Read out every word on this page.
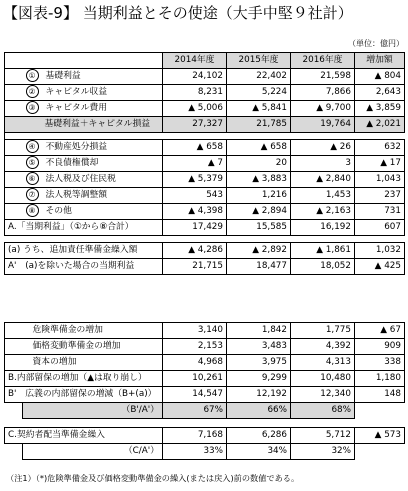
【図表-9】 当期利益とその使途（大手中堅９社計）
（単位：億円）
		2014年度	2015年度	2016年度	増加額
	① 基礎利益	24,102	22,402	21,598	▲ 804
	② キャピタル収益	8,231	5,224	7,866	2,643
	③ キャピタル費用	▲ 5,006	▲ 5,841	▲ 9,700	▲ 3,859
	基礎利益＋キャピタル損益	27,327	21,785	19,764	▲ 2,021

	④ 不動産処分損益	▲ 658	▲ 658	▲ 26	632
	⑤ 不良債権償却	▲ 7	20	3	▲ 17
	⑥ 法人税及び住民税	▲ 5,379	▲ 3,883	▲ 2,840	1,043
	⑦ 法人税等調整額	543	1,216	1,453	237
	⑧ その他	▲ 4,398	▲ 2,894	▲ 2,163	731
A.「当期利益」（①から⑧合計）		17,429	15,585	16,192	607

(a) うち、追加責任準備金繰入額		▲ 4,286	▲ 2,892	▲ 1,861	1,032
A'　(a)を除いた場合の当期利益		21,715	18,477	18,052	▲ 425
	危険準備金の増加	3,140	1,842	1,775	▲ 67
	価格変動準備金の増加	2,153	3,483	4,392	909
	資本の増加	4,968	3,975	4,313	338
B.内部留保の増加（▲は取り崩し）		10,261	9,299	10,480	1,180
B'　広義の内部留保の増減（B+(a)）		14,547	12,192	12,340	148
	（B'/A'）	67%	66%	68%	

C.契約者配当準備金繰入		7,168	6,286	5,712	▲ 573
	（C/A'）	33%	34%	32%	
（注1）（*)危険準備金及び価格変動準備金の繰入(または戻入)前の数値である。
